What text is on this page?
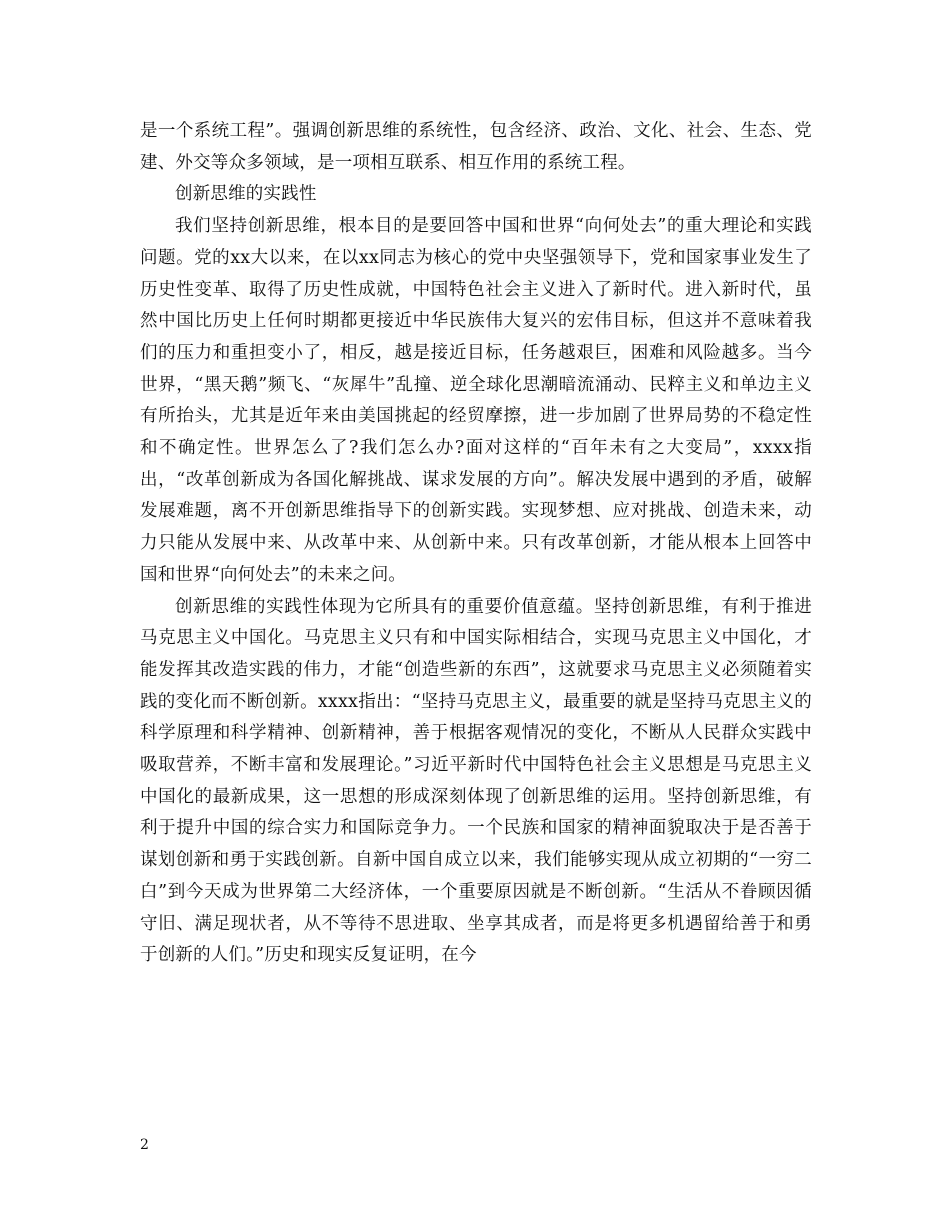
是一个系统工程”。强调创新思维的系统性，包含经济、政治、文化、社会、生态、党建、外交等众多领域，是一项相互联系、相互作用的系统工程。

创新思维的实践性

我们坚持创新思维，根本目的是要回答中国和世界“向何处去”的重大理论和实践问题。党的xx大以来，在以xx同志为核心的党中央坚强领导下，党和国家事业发生了历史性变革、取得了历史性成就，中国特色社会主义进入了新时代。进入新时代，虽然中国比历史上任何时期都更接近中华民族伟大复兴的宏伟目标，但这并不意味着我们的压力和重担变小了，相反，越是接近目标，任务越艰巨，困难和风险越多。当今世界，“黑天鹅”频飞、“灰犀牛”乱撞、逆全球化思潮暗流涌动、民粹主义和单边主义有所抬头，尤其是近年来由美国挑起的经贸摩擦，进一步加剧了世界局势的不稳定性和不确定性。世界怎么了?我们怎么办?面对这样的“百年未有之大变局”，xxxx指出，“改革创新成为各国化解挑战、谋求发展的方向”。解决发展中遇到的矛盾，破解发展难题，离不开创新思维指导下的创新实践。实现梦想、应对挑战、创造未来，动力只能从发展中来、从改革中来、从创新中来。只有改革创新，才能从根本上回答中国和世界“向何处去”的未来之问。

创新思维的实践性体现为它所具有的重要价值意蕴。坚持创新思维，有利于推进马克思主义中国化。马克思主义只有和中国实际相结合，实现马克思主义中国化，才能发挥其改造实践的伟力，才能“创造些新的东西”，这就要求马克思主义必须随着实践的变化而不断创新。xxxx指出：“坚持马克思主义，最重要的就是坚持马克思主义的科学原理和科学精神、创新精神，善于根据客观情况的变化，不断从人民群众实践中吸取营养，不断丰富和发展理论。”习近平新时代中国特色社会主义思想是马克思主义中国化的最新成果，这一思想的形成深刻体现了创新思维的运用。坚持创新思维，有利于提升中国的综合实力和国际竞争力。一个民族和国家的精神面貌取决于是否善于谋划创新和勇于实践创新。自新中国自成立以来，我们能够实现从成立初期的“一穷二白”到今天成为世界第二大经济体，一个重要原因就是不断创新。“生活从不眷顾因循守旧、满足现状者，从不等待不思进取、坐享其成者，而是将更多机遇留给善于和勇于创新的人们。”历史和现实反复证明，在今

2
